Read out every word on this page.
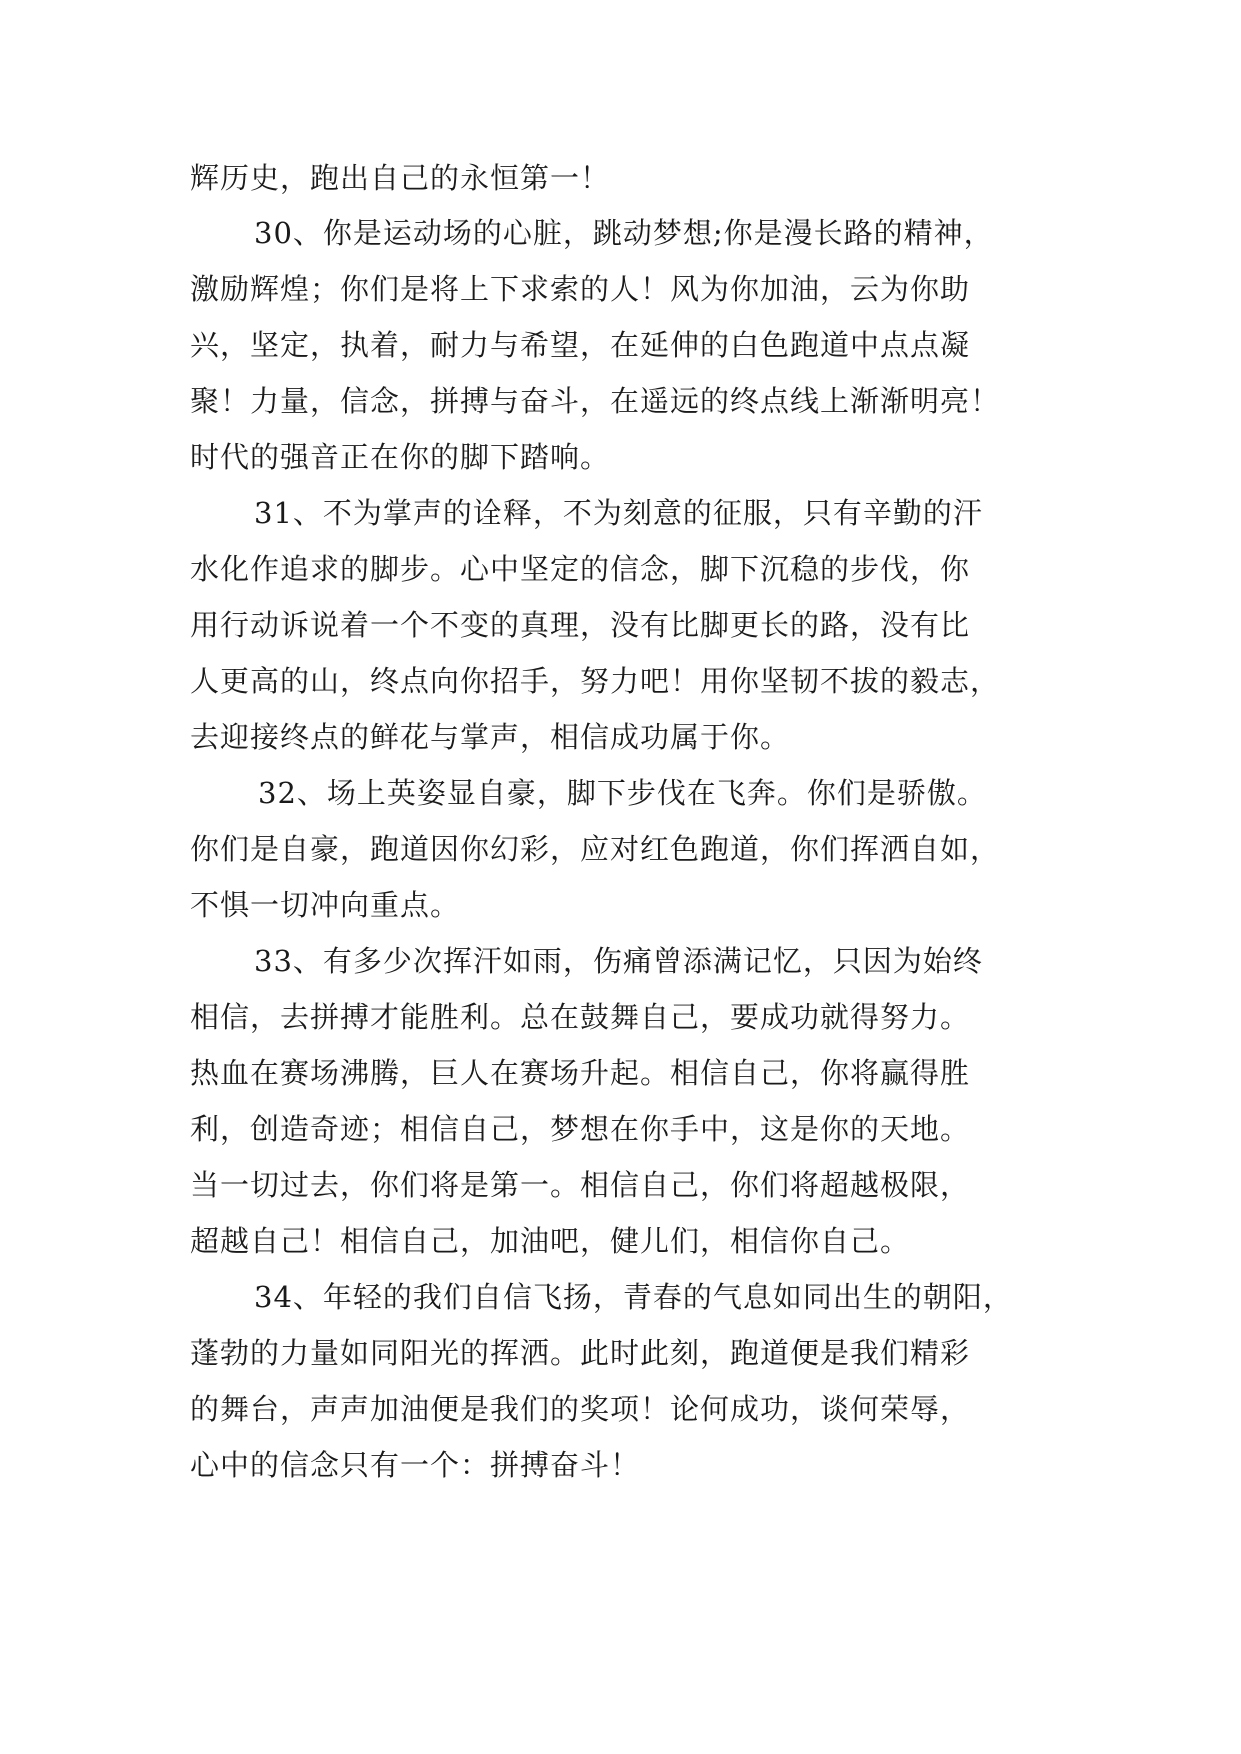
辉历史，跑出自己的永恒第一！
30、你是运动场的心脏，跳动梦想;你是漫长路的精神，
激励辉煌；你们是将上下求索的人！风为你加油，云为你助
兴，坚定，执着，耐力与希望，在延伸的白色跑道中点点凝
聚！力量，信念，拼搏与奋斗，在遥远的终点线上渐渐明亮！
时代的强音正在你的脚下踏响。
31、不为掌声的诠释，不为刻意的征服，只有辛勤的汗
水化作追求的脚步。心中坚定的信念，脚下沉稳的步伐，你
用行动诉说着一个不变的真理，没有比脚更长的路，没有比
人更高的山，终点向你招手，努力吧！用你坚韧不拔的毅志，
去迎接终点的鲜花与掌声，相信成功属于你。
32、场上英姿显自豪，脚下步伐在飞奔。你们是骄傲。
你们是自豪，跑道因你幻彩，应对红色跑道，你们挥洒自如，
不惧一切冲向重点。
33、有多少次挥汗如雨，伤痛曾添满记忆，只因为始终
相信，去拼搏才能胜利。总在鼓舞自己，要成功就得努力。
热血在赛场沸腾，巨人在赛场升起。相信自己，你将赢得胜
利，创造奇迹；相信自己，梦想在你手中，这是你的天地。
当一切过去，你们将是第一。相信自己，你们将超越极限，
超越自己！相信自己，加油吧，健儿们，相信你自己。
34、年轻的我们自信飞扬，青春的气息如同出生的朝阳，
蓬勃的力量如同阳光的挥洒。此时此刻，跑道便是我们精彩
的舞台，声声加油便是我们的奖项！论何成功，谈何荣辱，
心中的信念只有一个：拼搏奋斗！
